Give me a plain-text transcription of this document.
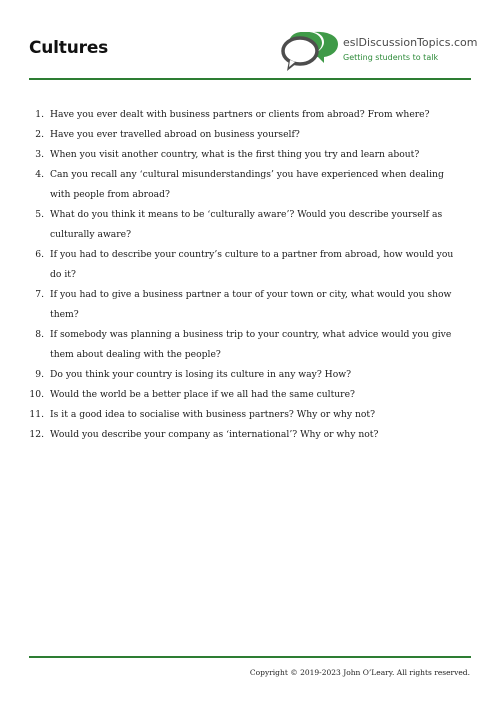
Cultures	eslDiscussionTopics.com
Getting students to talk
1. Have you ever dealt with business partners or clients from abroad? From where?
2. Have you ever travelled abroad on business yourself?
3. When you visit another country, what is the first thing you try and learn about?
4. Can you recall any ‘cultural misunderstandings’ you have experienced when dealing with people from abroad?
5. What do you think it means to be ‘culturally aware’? Would you describe yourself as culturally aware?
6. If you had to describe your country’s culture to a partner from abroad, how would you do it?
7. If you had to give a business partner a tour of your town or city, what would you show them?
8. If somebody was planning a business trip to your country, what advice would you give them about dealing with the people?
9. Do you think your country is losing its culture in any way? How?
10. Would the world be a better place if we all had the same culture?
11. Is it a good idea to socialise with business partners? Why or why not?
12. Would you describe your company as ‘international’? Why or why not?
Copyright © 2019-2023 John O’Leary. All rights reserved.
